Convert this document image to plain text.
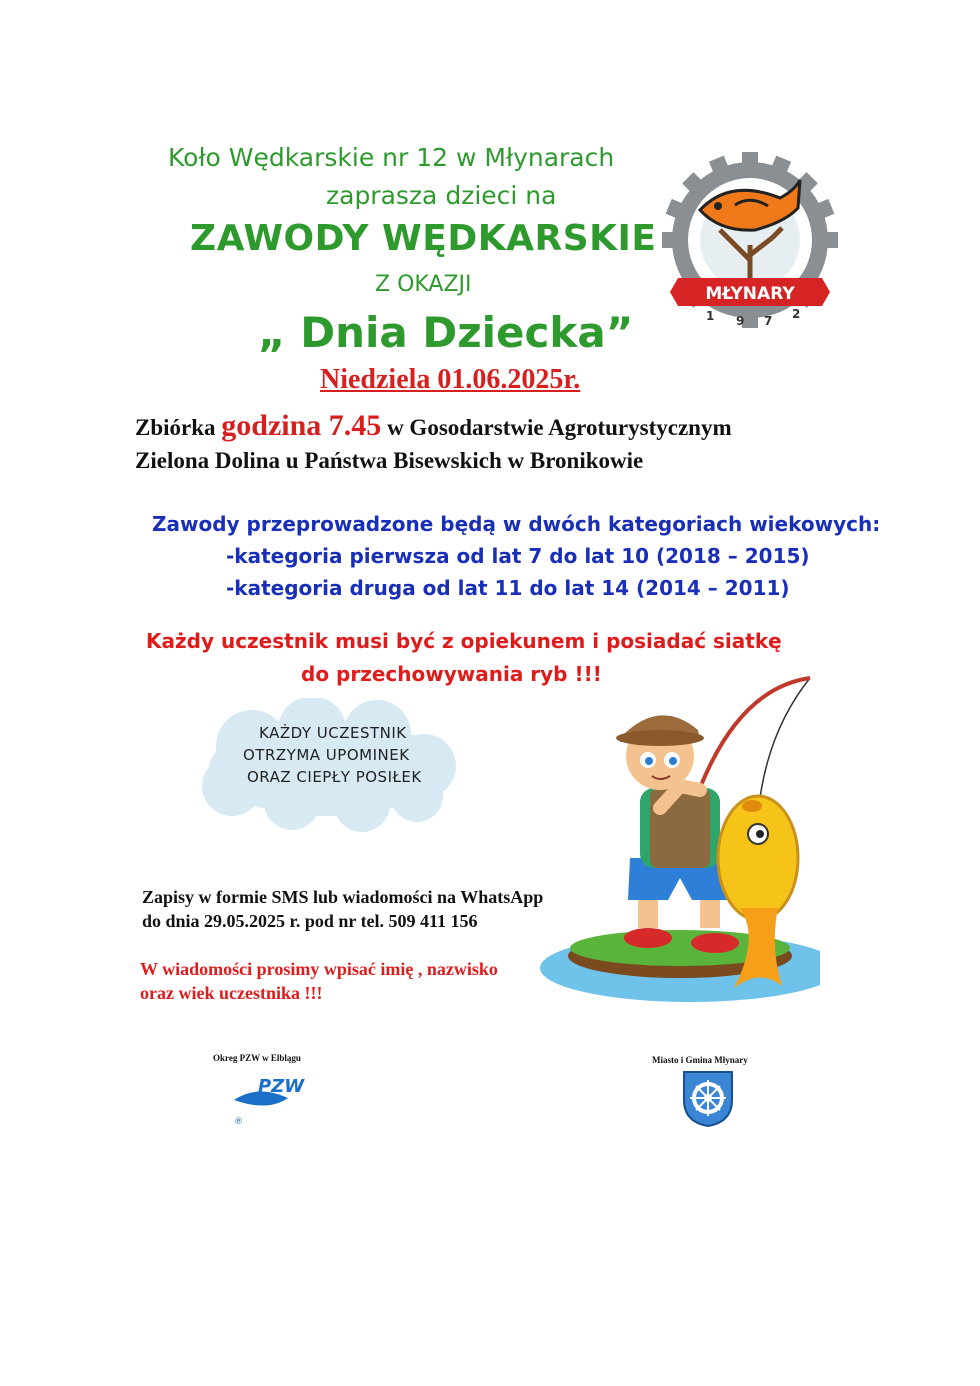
Koło Wędkarskie nr 12 w Młynarach
zaprasza dzieci na
ZAWODY WĘDKARSKIE
Z OKAZJI
„ Dnia Dziecka”
Niedziela 01.06.2025r.
MŁYNARY
1 9 7 2
Zbiórka godzina 7.45 w Gosodarstwie Agroturystycznym
Zielona Dolina u Państwa Bisewskich w Bronikowie
Zawody przeprowadzone będą w dwóch kategoriach wiekowych:
-kategoria pierwsza od lat 7 do lat 10 (2018 – 2015)
-kategoria druga od lat 11 do lat 14 (2014 – 2011)
Każdy uczestnik musi być z opiekunem i posiadać siatkę
do przechowywania ryb !!!
KAŻDY UCZESTNIK
OTRZYMA UPOMINEK
ORAZ CIEPŁY POSIŁEK
Zapisy w formie SMS lub wiadomości na WhatsApp
do dnia 29.05.2025 r. pod nr tel. 509 411 156
W wiadomości prosimy wpisać imię , nazwisko
oraz wiek uczestnika !!!
Okreg PZW w Elblągu
PZW
®
Miasto i Gmina Młynary
